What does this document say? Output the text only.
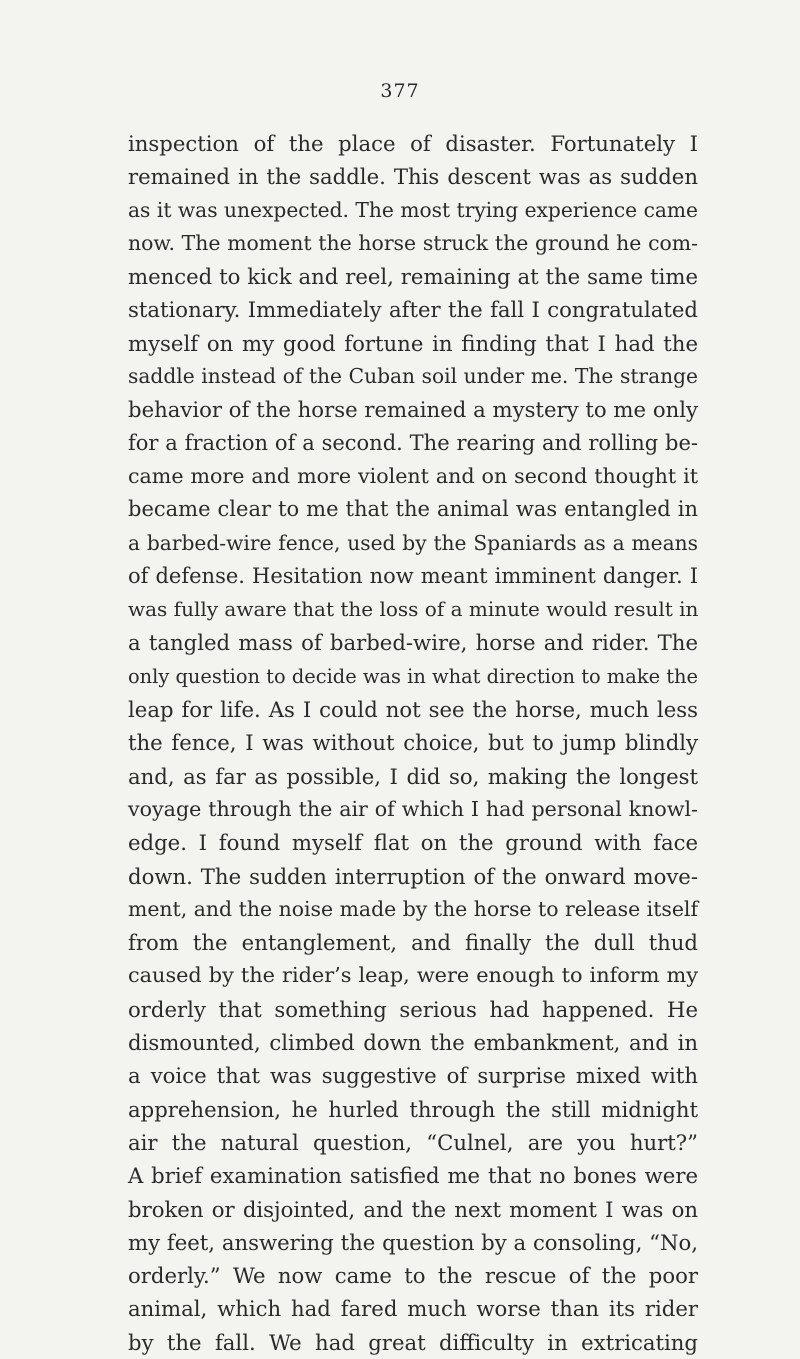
377
inspection of the place of disaster. Fortunately I
remained in the saddle. This descent was as sudden
as it was unexpected. The most trying experience came
now. The moment the horse struck the ground he com-
menced to kick and reel, remaining at the same time
stationary. Immediately after the fall I congratulated
myself on my good fortune in finding that I had the
saddle instead of the Cuban soil under me. The strange
behavior of the horse remained a mystery to me only
for a fraction of a second. The rearing and rolling be-
came more and more violent and on second thought it
became clear to me that the animal was entangled in
a barbed-wire fence, used by the Spaniards as a means
of defense. Hesitation now meant imminent danger. I
was fully aware that the loss of a minute would result in
a tangled mass of barbed-wire, horse and rider. The
only question to decide was in what direction to make the
leap for life. As I could not see the horse, much less
the fence, I was without choice, but to jump blindly
and, as far as possible, I did so, making the longest
voyage through the air of which I had personal knowl-
edge. I found myself flat on the ground with face
down. The sudden interruption of the onward move-
ment, and the noise made by the horse to release itself
from the entanglement, and finally the dull thud
caused by the rider’s leap, were enough to inform my
orderly that something serious had happened. He
dismounted, climbed down the embankment, and in
a voice that was suggestive of surprise mixed with
apprehension, he hurled through the still midnight
air the natural question, “Culnel, are you hurt?”
A brief examination satisfied me that no bones were
broken or disjointed, and the next moment I was on
my feet, answering the question by a consoling, “No,
orderly.” We now came to the rescue of the poor
animal, which had fared much worse than its rider
by the fall. We had great difficulty in extricating
